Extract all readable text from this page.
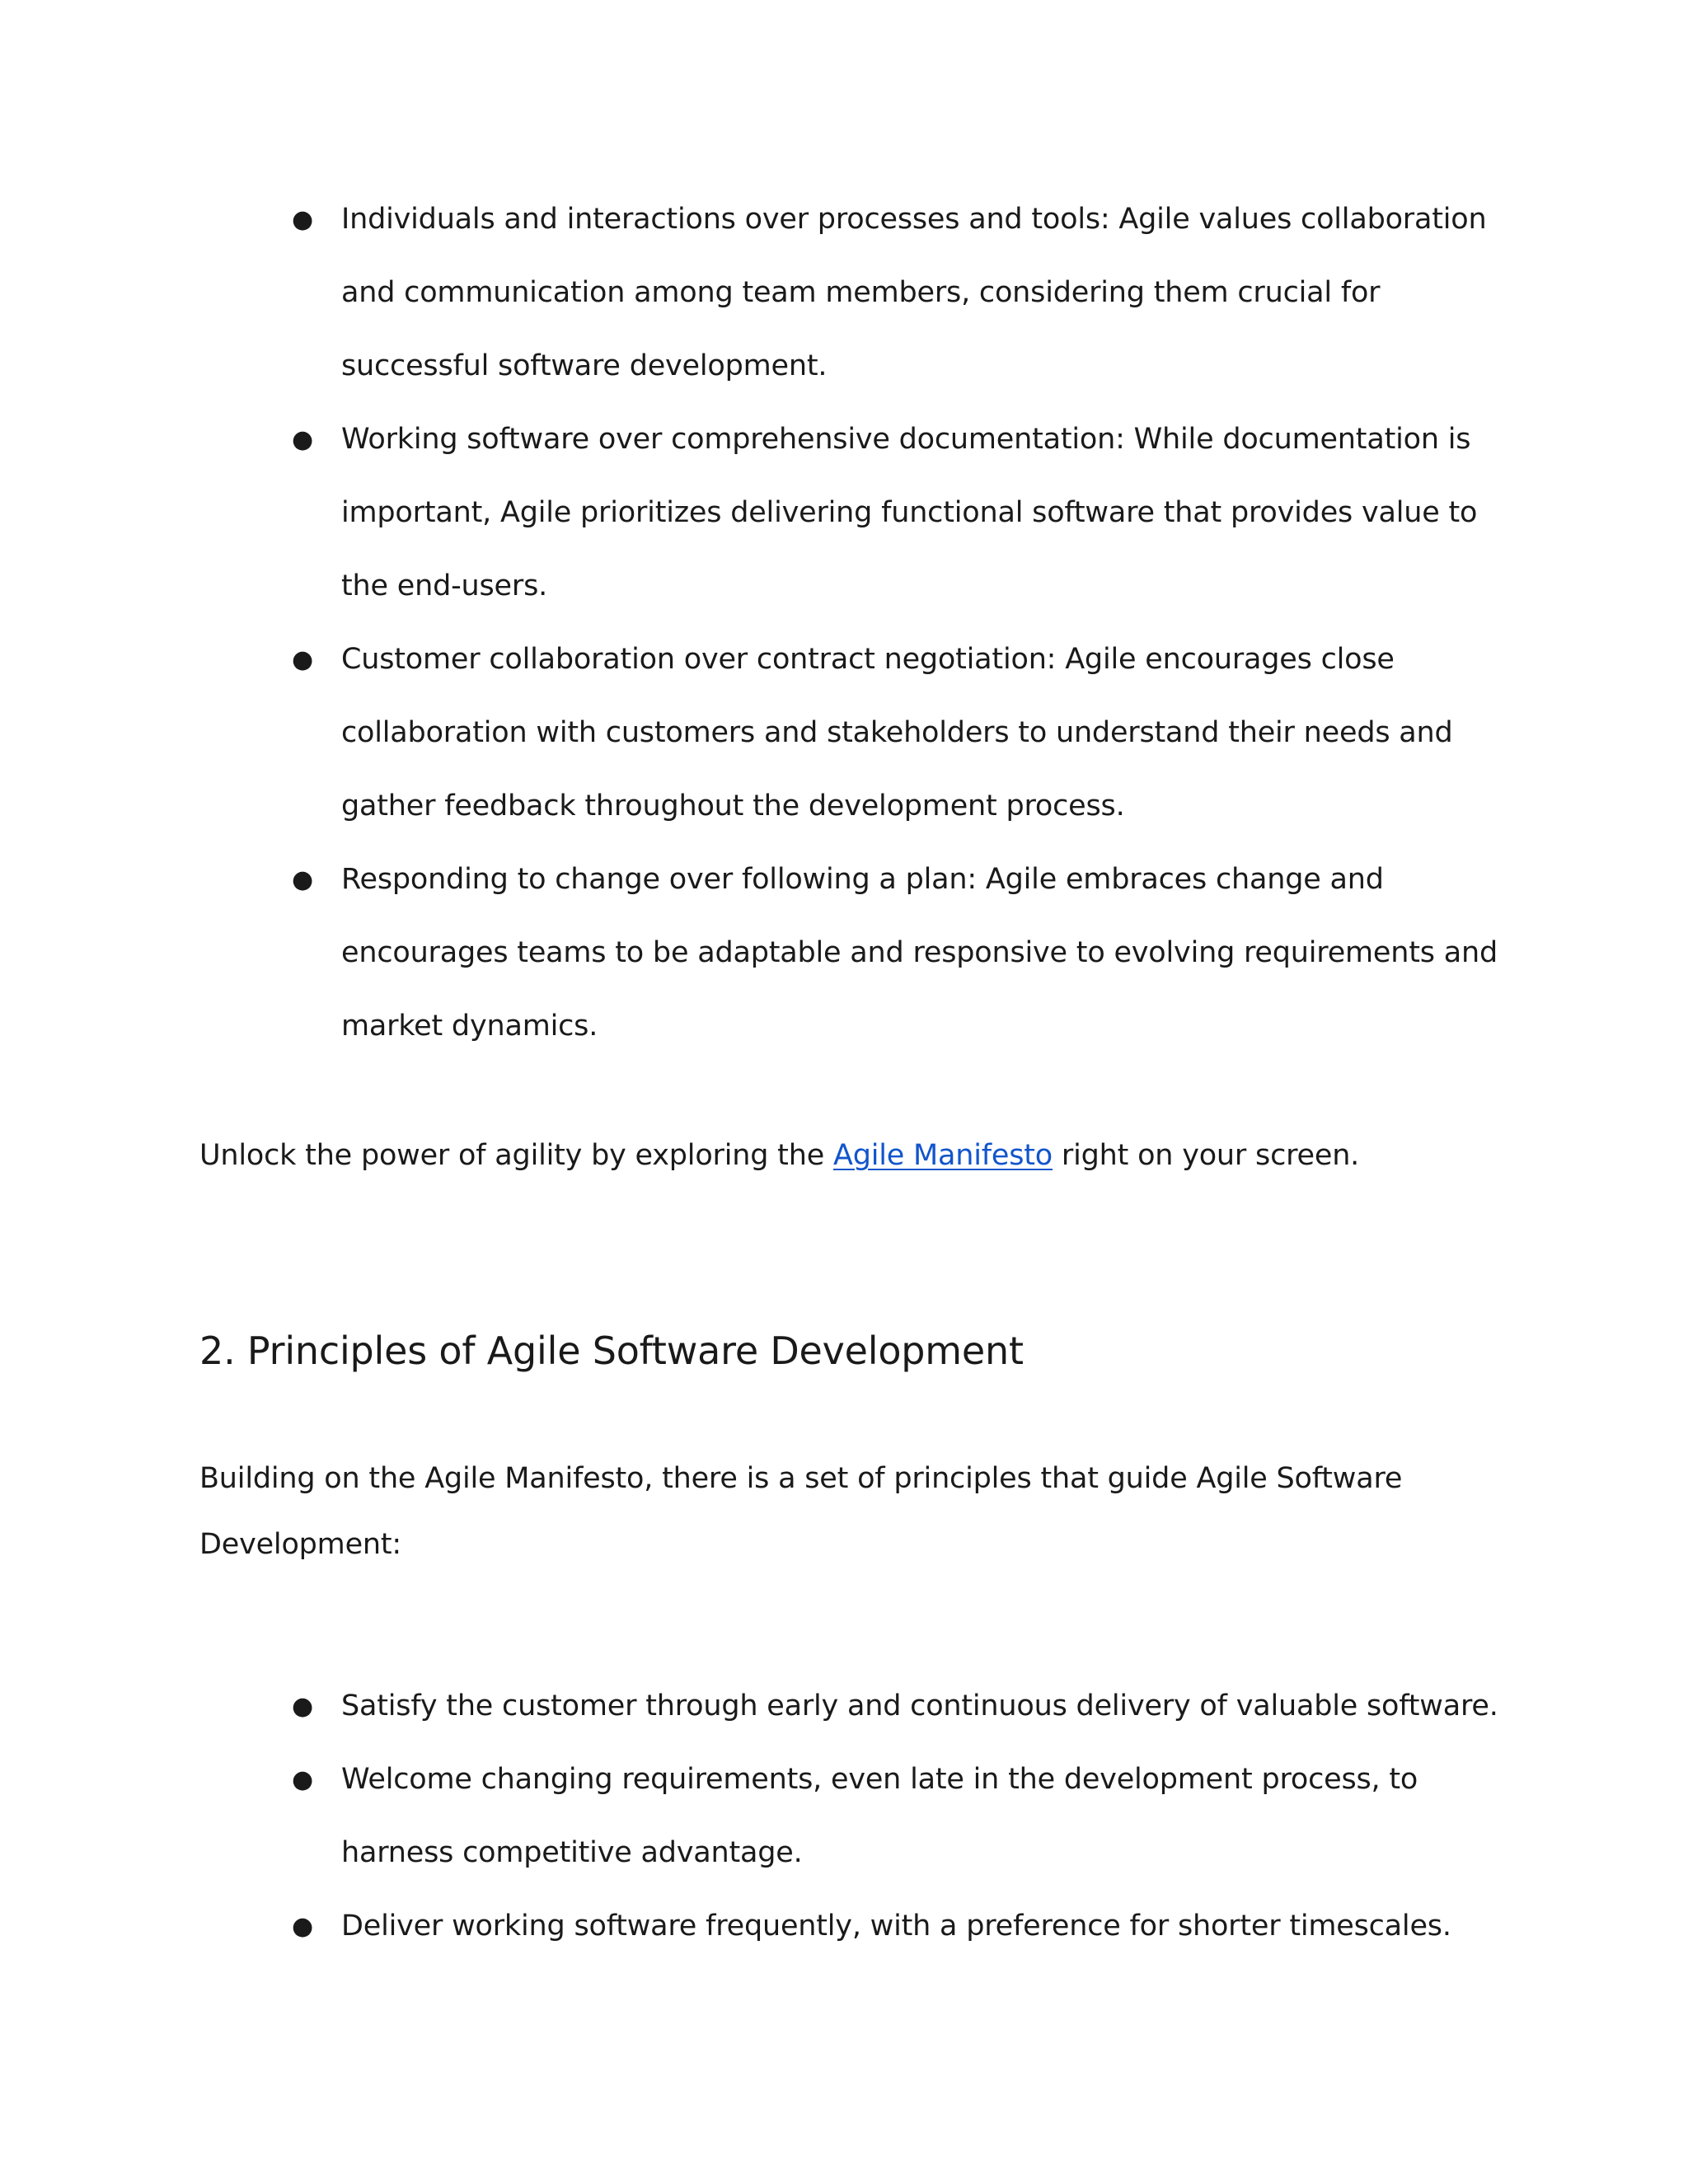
● Individuals and interactions over processes and tools: Agile values collaboration and communication among team members, considering them crucial for successful software development.
● Working software over comprehensive documentation: While documentation is important, Agile prioritizes delivering functional software that provides value to the end-users.
● Customer collaboration over contract negotiation: Agile encourages close collaboration with customers and stakeholders to understand their needs and gather feedback throughout the development process.
● Responding to change over following a plan: Agile embraces change and encourages teams to be adaptable and responsive to evolving requirements and market dynamics.

Unlock the power of agility by exploring the Agile Manifesto right on your screen.

2. Principles of Agile Software Development

Building on the Agile Manifesto, there is a set of principles that guide Agile Software Development:

● Satisfy the customer through early and continuous delivery of valuable software.
● Welcome changing requirements, even late in the development process, to harness competitive advantage.
● Deliver working software frequently, with a preference for shorter timescales.
